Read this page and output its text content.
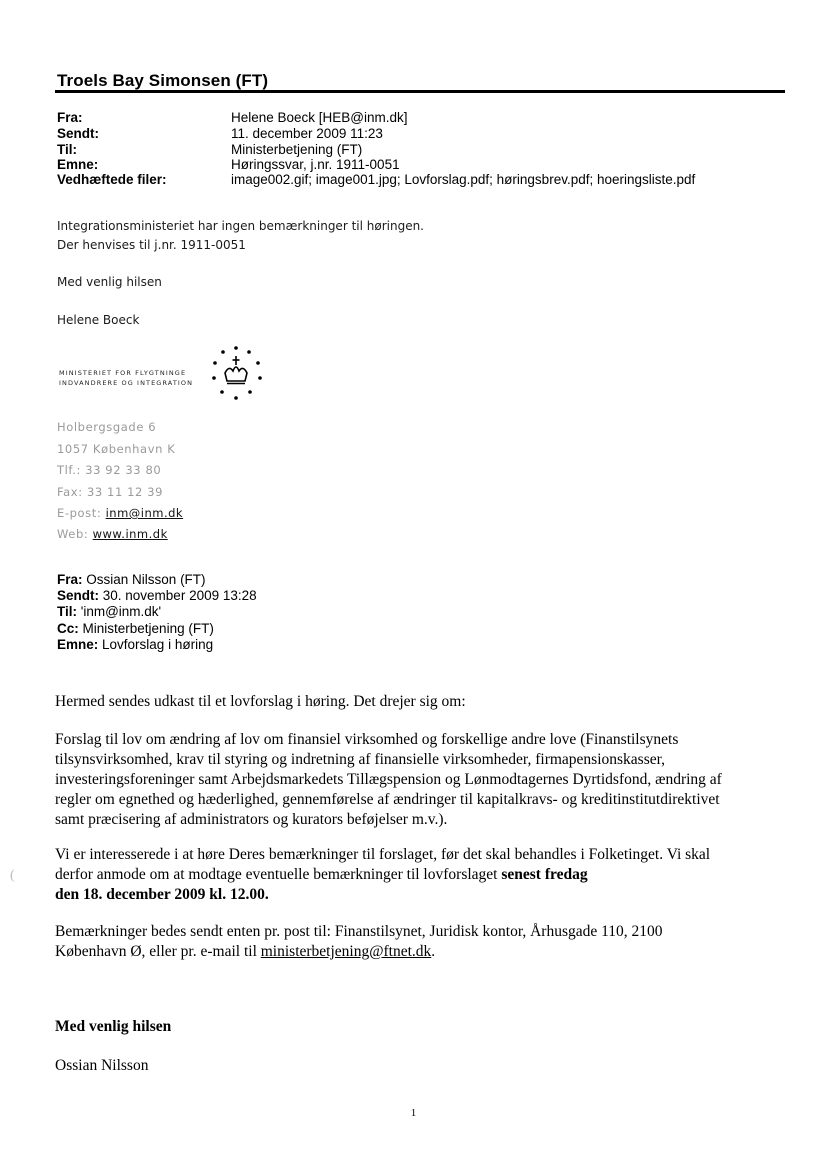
Troels Bay Simonsen (FT)
Fra:	Helene Boeck [HEB@inm.dk]
Sendt:	11. december 2009 11:23
Til:	Ministerbetjening (FT)
Emne:	Høringssvar, j.nr. 1911-0051
Vedhæftede filer:	image002.gif; image001.jpg; Lovforslag.pdf; høringsbrev.pdf; hoeringsliste.pdf
Integrationsministeriet har ingen bemærkninger til høringen.
Der henvises til j.nr. 1911-0051
Med venlig hilsen
Helene Boeck
MINISTERIET FOR FLYGTNINGE
INDVANDRERE OG INTEGRATION
Holbergsgade 6
1057 København K
Tlf.: 33 92 33 80
Fax: 33 11 12 39
E-post: inm@inm.dk
Web: www.inm.dk
Fra: Ossian Nilsson (FT)
Sendt: 30. november 2009 13:28
Til: 'inm@inm.dk'
Cc: Ministerbetjening (FT)
Emne: Lovforslag i høring
Hermed sendes udkast til et lovforslag i høring. Det drejer sig om:
Forslag til lov om ændring af lov om finansiel virksomhed og forskellige andre love (Finanstilsynets
tilsynsvirksomhed, krav til styring og indretning af finansielle virksomheder, firmapensionskasser,
investeringsforeninger samt Arbejdsmarkedets Tillægspension og Lønmodtagernes Dyrtidsfond, ændring af
regler om egnethed og hæderlighed, gennemførelse af ændringer til kapitalkravs- og kreditinstitutdirektivet
samt præcisering af administrators og kurators beføjelser m.v.).
Vi er interesserede i at høre Deres bemærkninger til forslaget, før det skal behandles i Folketinget. Vi skal
derfor anmode om at modtage eventuelle bemærkninger til lovforslaget senest fredag
den 18. december 2009 kl. 12.00.
Bemærkninger bedes sendt enten pr. post til: Finanstilsynet, Juridisk kontor, Århusgade 110, 2100
København Ø, eller pr. e-mail til ministerbetjening@ftnet.dk.
Med venlig hilsen
Ossian Nilsson
(
1
